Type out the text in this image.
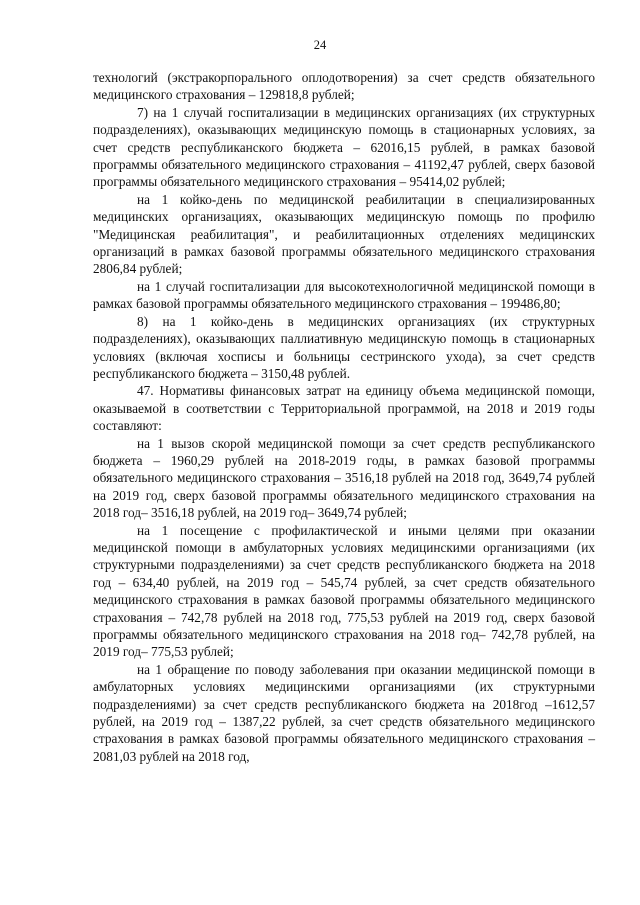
24

технологий (экстракорпорального оплодотворения) за счет средств обязательного медицинского страхования – 129818,8 рублей;

7) на 1 случай госпитализации в медицинских организациях (их структурных подразделениях), оказывающих медицинскую помощь в стационарных условиях, за счет средств республиканского бюджета – 62016,15 рублей, в рамках базовой программы обязательного медицинского страхования – 41192,47 рублей, сверх базовой программы обязательного медицинского страхования – 95414,02 рублей;

на 1 койко-день по медицинской реабилитации в специализированных медицинских организациях, оказывающих медицинскую помощь по профилю "Медицинская реабилитация", и реабилитационных отделениях медицинских организаций в рамках базовой программы обязательного медицинского страхования 2806,84 рублей;

на 1 случай госпитализации для высокотехнологичной медицинской помощи в рамках базовой программы обязательного медицинского страхования – 199486,80;

8) на 1 койко-день в медицинских организациях (их структурных подразделениях), оказывающих паллиативную медицинскую помощь в стационарных условиях (включая хосписы и больницы сестринского ухода), за счет средств республиканского бюджета – 3150,48 рублей.

47. Нормативы финансовых затрат на единицу объема медицинской помощи, оказываемой в соответствии с Территориальной программой, на 2018 и 2019 годы составляют:

на 1 вызов скорой медицинской помощи за счет средств республиканского бюджета – 1960,29 рублей на 2018-2019 годы, в рамках базовой программы обязательного медицинского страхования – 3516,18 рублей на 2018 год, 3649,74 рублей на 2019 год, сверх базовой программы обязательного медицинского страхования на 2018 год– 3516,18 рублей, на 2019 год– 3649,74 рублей;

на 1 посещение с профилактической и иными целями при оказании медицинской помощи в амбулаторных условиях медицинскими организациями (их структурными подразделениями) за счет средств республиканского бюджета на 2018 год – 634,40 рублей, на 2019 год – 545,74 рублей, за счет средств обязательного медицинского страхования в рамках базовой программы обязательного медицинского страхования – 742,78 рублей на 2018 год, 775,53 рублей на 2019 год, сверх базовой программы обязательного медицинского страхования на 2018 год– 742,78 рублей, на 2019 год– 775,53 рублей;

на 1 обращение по поводу заболевания при оказании медицинской помощи в амбулаторных условиях медицинскими организациями (их структурными подразделениями) за счет средств республиканского бюджета на 2018год –1612,57 рублей, на 2019 год – 1387,22 рублей, за счет средств обязательного медицинского страхования в рамках базовой программы обязательного медицинского страхования – 2081,03 рублей на 2018 год,
